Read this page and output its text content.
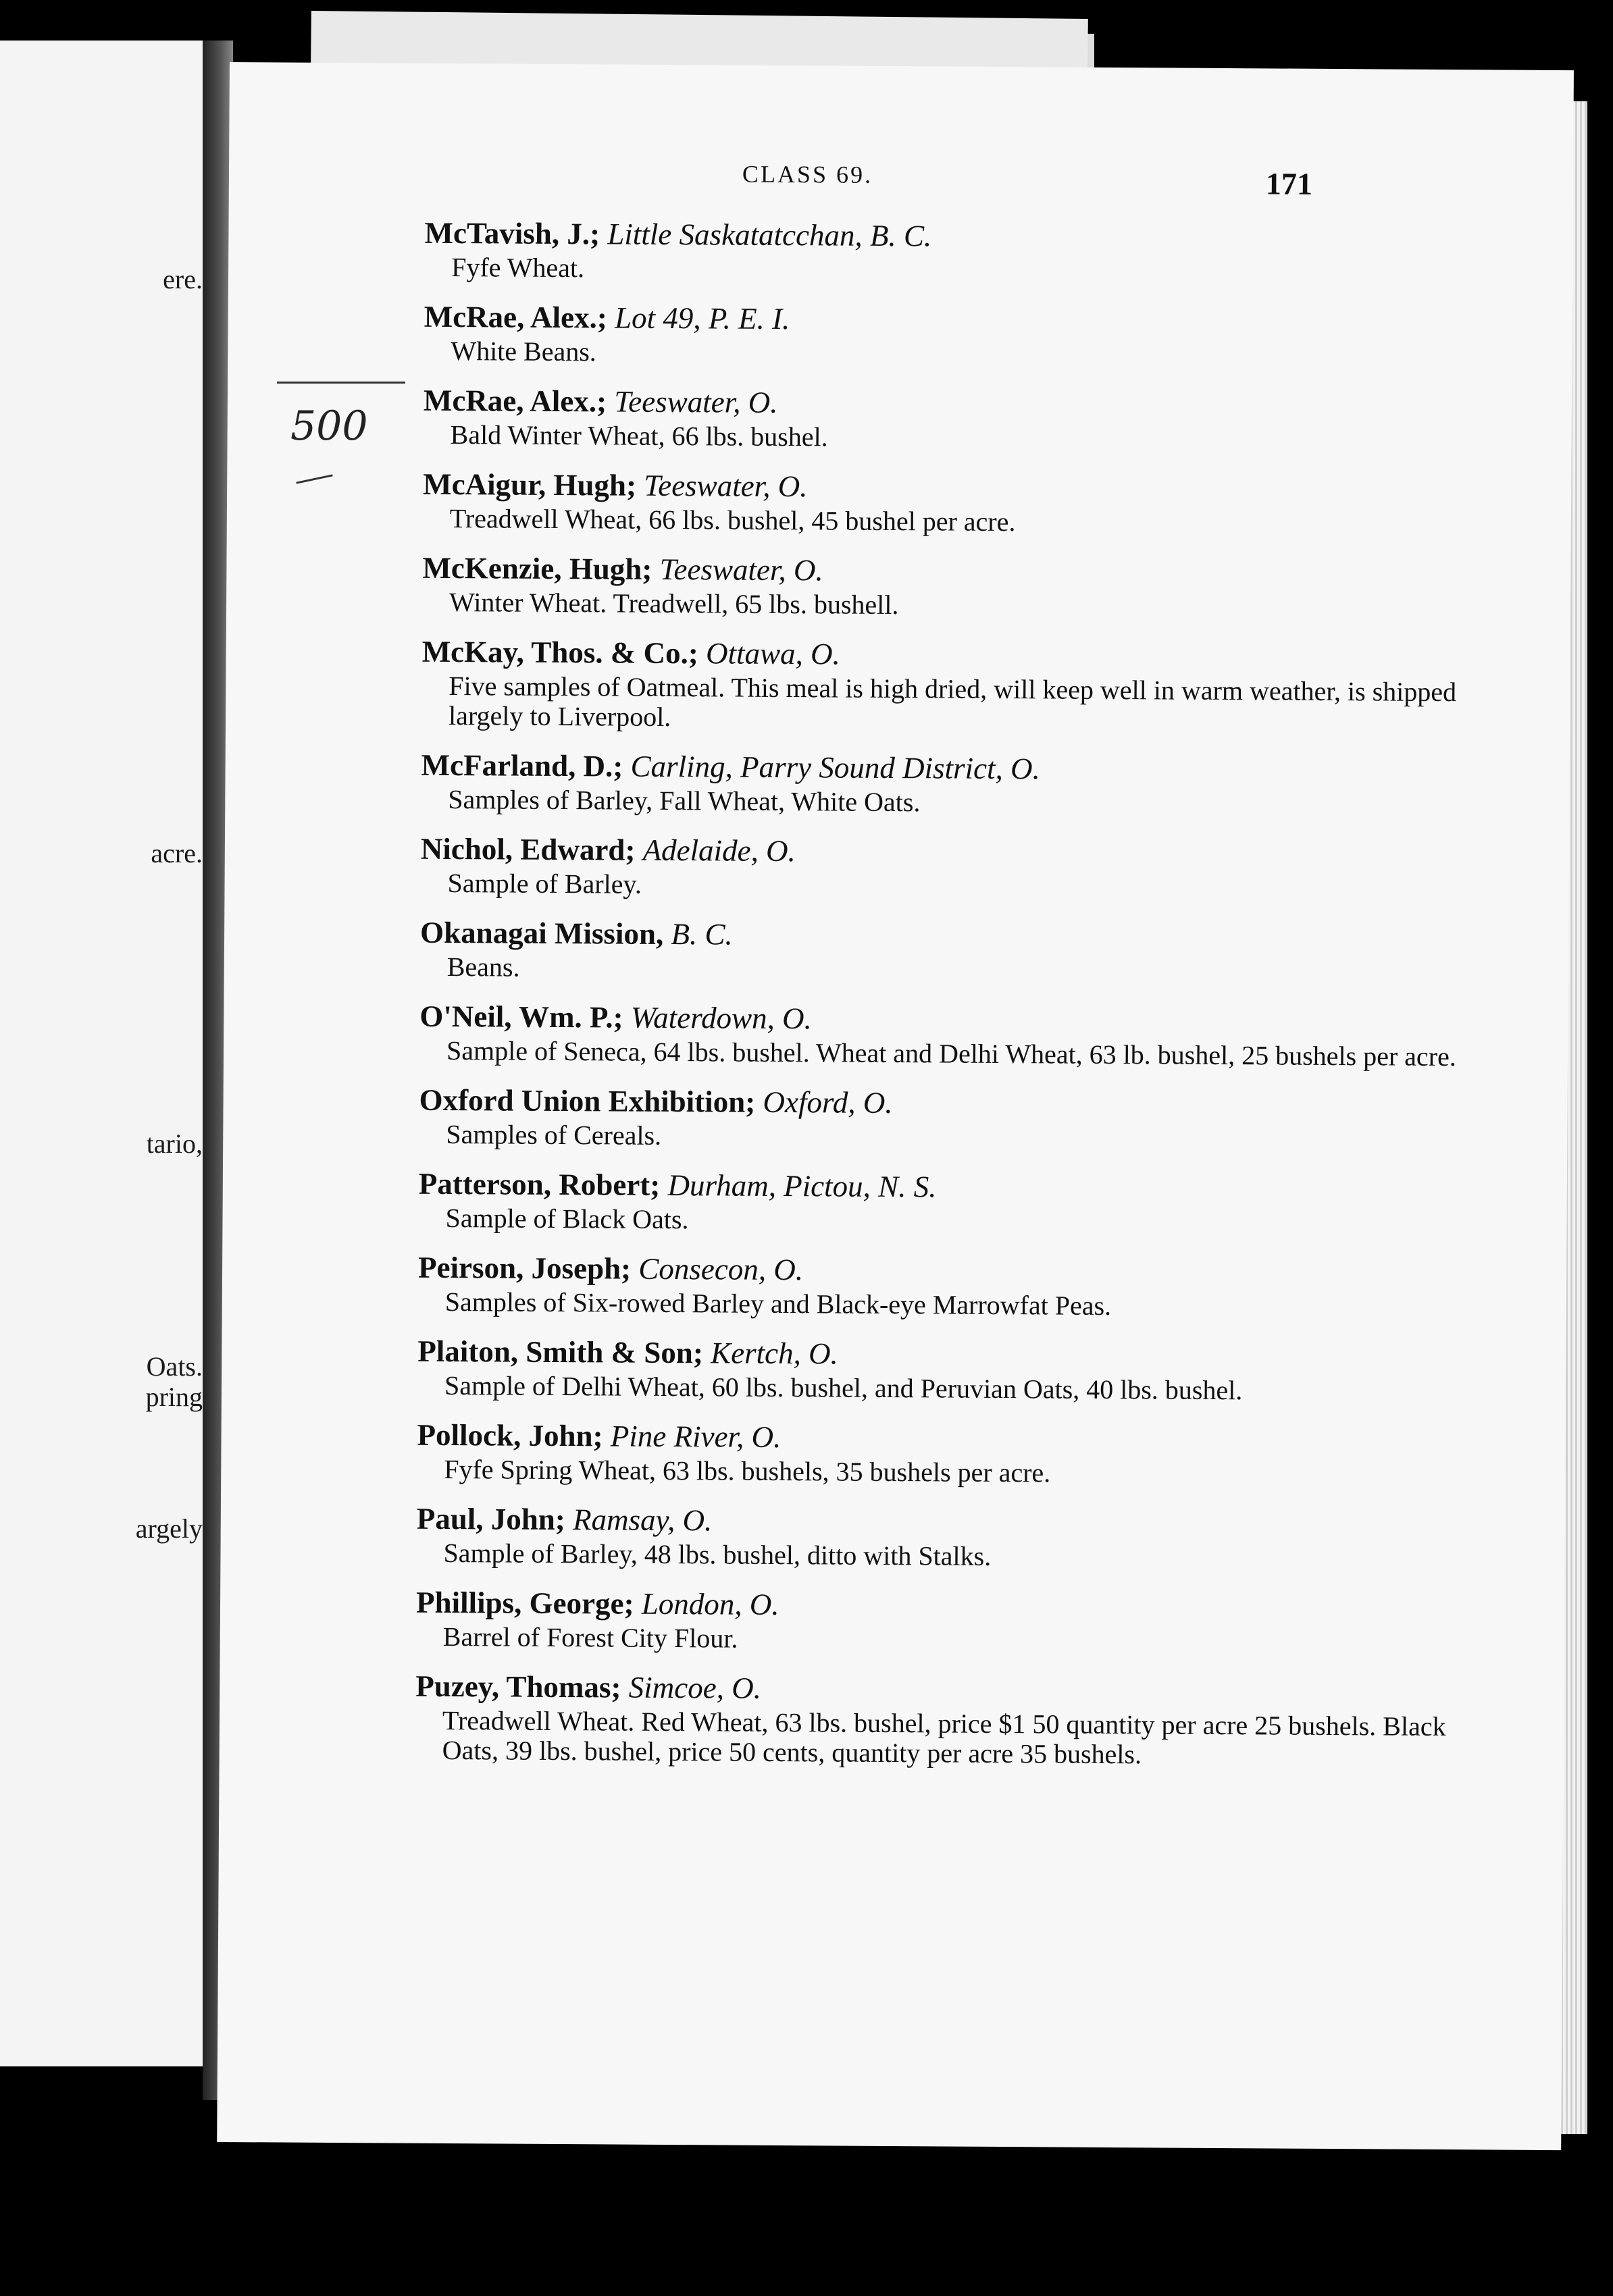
ere.
acre.
tario,
Oats.
pring
argely
CLASS 69.	171
McTavish, J.; Little Saskatatcchan, B. C.
Fyfe Wheat.
McRae, Alex.; Lot 49, P. E. I.
White Beans.
McRae, Alex.; Teeswater, O.
Bald Winter Wheat, 66 lbs. bushel.
McAigur, Hugh; Teeswater, O.
Treadwell Wheat, 66 lbs. bushel, 45 bushel per acre.
McKenzie, Hugh; Teeswater, O.
Winter Wheat. Treadwell, 65 lbs. bushell.
McKay, Thos. & Co.; Ottawa, O.
Five samples of Oatmeal. This meal is high dried, will keep well in warm weather, is shipped largely to Liverpool.
McFarland, D.; Carling, Parry Sound District, O.
Samples of Barley, Fall Wheat, White Oats.
Nichol, Edward; Adelaide, O.
Sample of Barley.
Okanagai Mission, B. C.
Beans.
O'Neil, Wm. P.; Waterdown, O.
Sample of Seneca, 64 lbs. bushel. Wheat and Delhi Wheat, 63 lb. bushel, 25 bushels per acre.
Oxford Union Exhibition; Oxford, O.
Samples of Cereals.
Patterson, Robert; Durham, Pictou, N. S.
Sample of Black Oats.
Peirson, Joseph; Consecon, O.
Samples of Six-rowed Barley and Black-eye Marrowfat Peas.
Plaiton, Smith & Son; Kertch, O.
Sample of Delhi Wheat, 60 lbs. bushel, and Peruvian Oats, 40 lbs. bushel.
Pollock, John; Pine River, O.
Fyfe Spring Wheat, 63 lbs. bushels, 35 bushels per acre.
Paul, John; Ramsay, O.
Sample of Barley, 48 lbs. bushel, ditto with Stalks.
Phillips, George; London, O.
Barrel of Forest City Flour.
Puzey, Thomas; Simcoe, O.
Treadwell Wheat. Red Wheat, 63 lbs. bushel, price $1 50 quantity per acre 25 bushels. Black Oats, 39 lbs. bushel, price 50 cents, quantity per acre 35 bushels.
500
